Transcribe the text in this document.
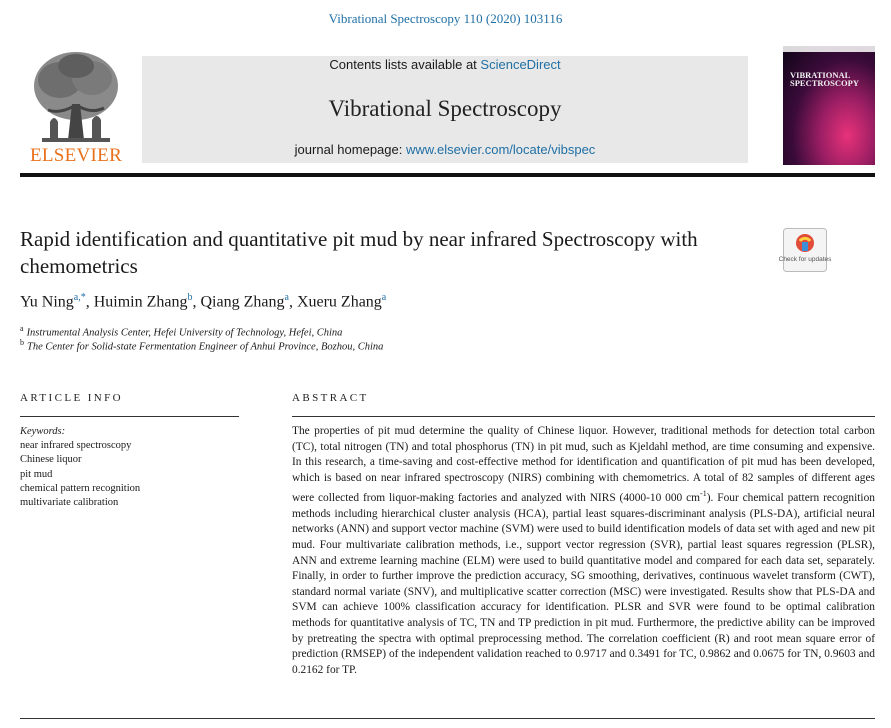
Vibrational Spectroscopy 110 (2020) 103116
ELSEVIER
Contents lists available at ScienceDirect
Vibrational Spectroscopy
journal homepage: www.elsevier.com/locate/vibspec
VIBRATIONAL SPECTROSCOPY
Rapid identification and quantitative pit mud by near infrared Spectroscopy with chemometrics	Check for updates
Yu Ning$^{a,*}$, Huimin Zhang$^b$, Qiang Zhang$^a$, Xueru Zhang$^a$
$^a$ Instrumental Analysis Center, Hefei University of Technology, Hefei, China
$^b$ The Center for Solid-state Fermentation Engineer of Anhui Province, Bozhou, China
ARTICLE INFO	ABSTRACT
Keywords:
near infrared spectroscopy
Chinese liquor
pit mud
chemical pattern recognition
multivariate calibration
The properties of pit mud determine the quality of Chinese liquor. However, traditional methods for detection total carbon (TC), total nitrogen (TN) and total phosphorus (TN) in pit mud, such as Kjeldahl method, are time consuming and expensive. In this research, a time-saving and cost-effective method for identification and quantification of pit mud has been developed, which is based on near infrared spectroscopy (NIRS) combining with chemometrics. A total of 82 samples of different ages were collected from liquor-making factories and analyzed with NIRS (4000-10 000 $cm^{-1}$). Four chemical pattern recognition methods including hierarchical cluster analysis (HCA), partial least squares-discriminant analysis (PLS-DA), artificial neural networks (ANN) and support vector machine (SVM) were used to build identification models of data set with aged and new pit mud. Four multivariate calibration methods, i.e., support vector regression (SVR), partial least squares regression (PLSR), ANN and extreme learning machine (ELM) were used to build quantitative model and compared for each data set, separately. Finally, in order to further improve the prediction accuracy, SG smoothing, derivatives, continuous wavelet transform (CWT), standard normal variate (SNV), and multiplicative scatter correction (MSC) were investigated. Results show that PLS-DA and SVM can achieve 100% classification accuracy for identification. PLSR and SVR were found to be optimal calibration methods for quantitative analysis of TC, TN and TP prediction in pit mud. Furthermore, the predictive ability can be improved by pretreating the spectra with optimal preprocessing method. The correlation coefficient (R) and root mean square error of prediction (RMSEP) of the independent validation reached to 0.9717 and 0.3491 for TC, 0.9862 and 0.0675 for TN, 0.9603 and 0.2162 for TP.
